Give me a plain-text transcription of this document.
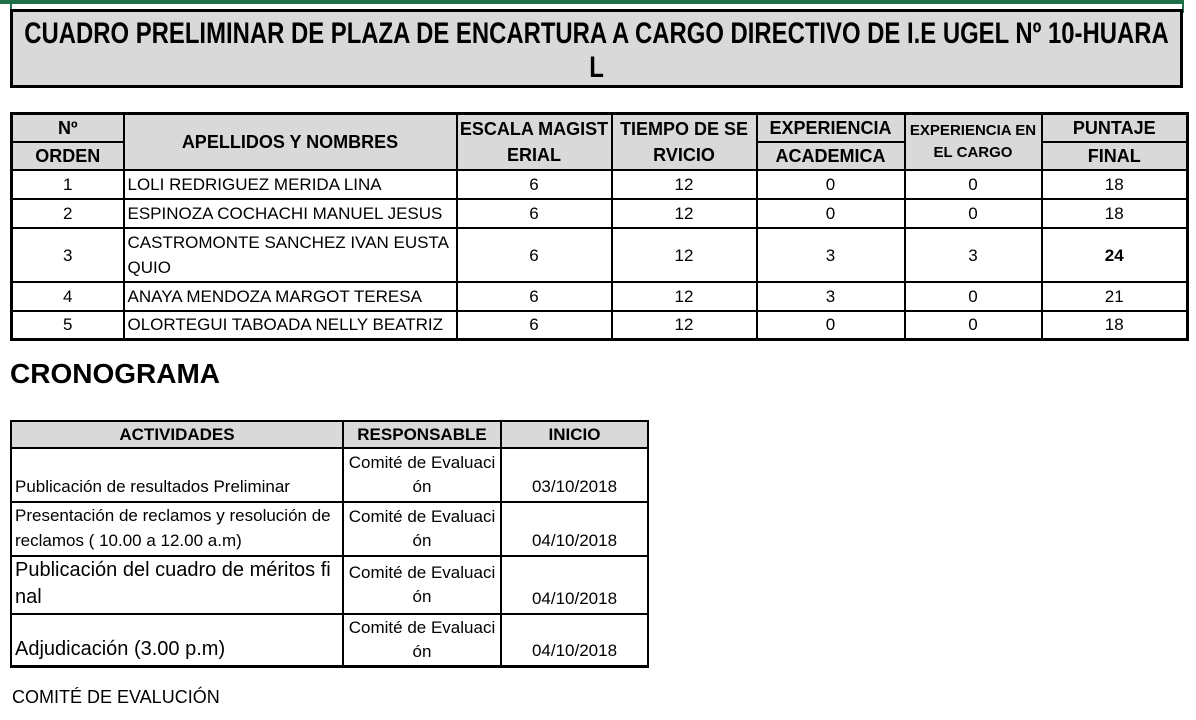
CUADRO PRELIMINAR DE PLAZA DE ENCARTURA A CARGO DIRECTIVO DE I.E UGEL Nº 10-HUARAL
Nº	APELLIDOS Y NOMBRES	ESCALA MAGISTERIAL	TIEMPO DE SERVICIO	EXPERIENCIA	EXPERIENCIA EN EL CARGO	PUNTAJE
ORDEN				ACADEMICA		FINAL
1	LOLI REDRIGUEZ MERIDA LINA	6	12	0	0	18
2	ESPINOZA COCHACHI MANUEL JESUS	6	12	0	0	18
3	CASTROMONTE SANCHEZ IVAN EUSTAQUIO	6	12	3	3	24
4	ANAYA MENDOZA MARGOT TERESA	6	12	3	0	21
5	OLORTEGUI TABOADA NELLY BEATRIZ	6	12	0	0	18
CRONOGRAMA
ACTIVIDADES	RESPONSABLE	INICIO
Publicación de resultados Preliminar	Comité de Evaluación	03/10/2018
Presentación de reclamos y resolución de reclamos ( 10.00 a 12.00 a.m)	Comité de Evaluación	04/10/2018
Publicación del cuadro de méritos final	Comité de Evaluación	04/10/2018
Adjudicación (3.00 p.m)	Comité de Evaluación	04/10/2018
COMITÉ DE EVALUCIÓN
